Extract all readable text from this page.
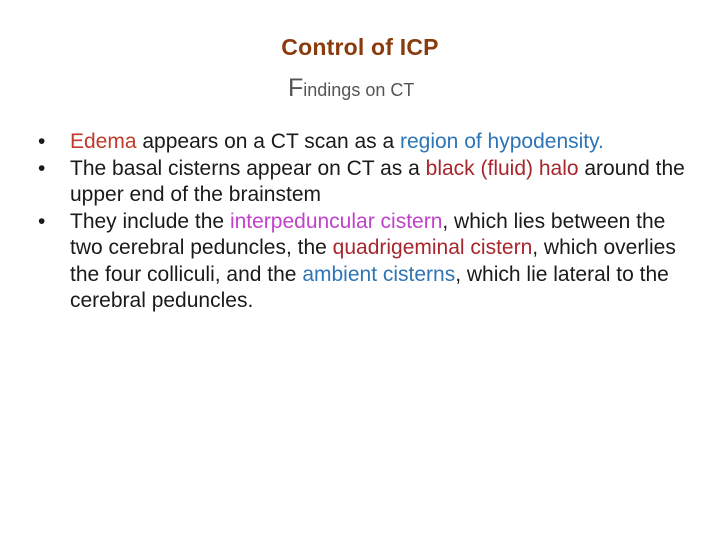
Control of ICP

Findings on CT

•	Edema appears on a CT scan as a region of hypodensity.
•	The basal cisterns appear on CT as a black (fluid) halo around the upper end of the brainstem
•	They include the interpeduncular cistern, which lies between the two cerebral peduncles, the quadrigeminal cistern, which overlies the four colliculi, and the ambient cisterns, which lie lateral to the cerebral peduncles.
